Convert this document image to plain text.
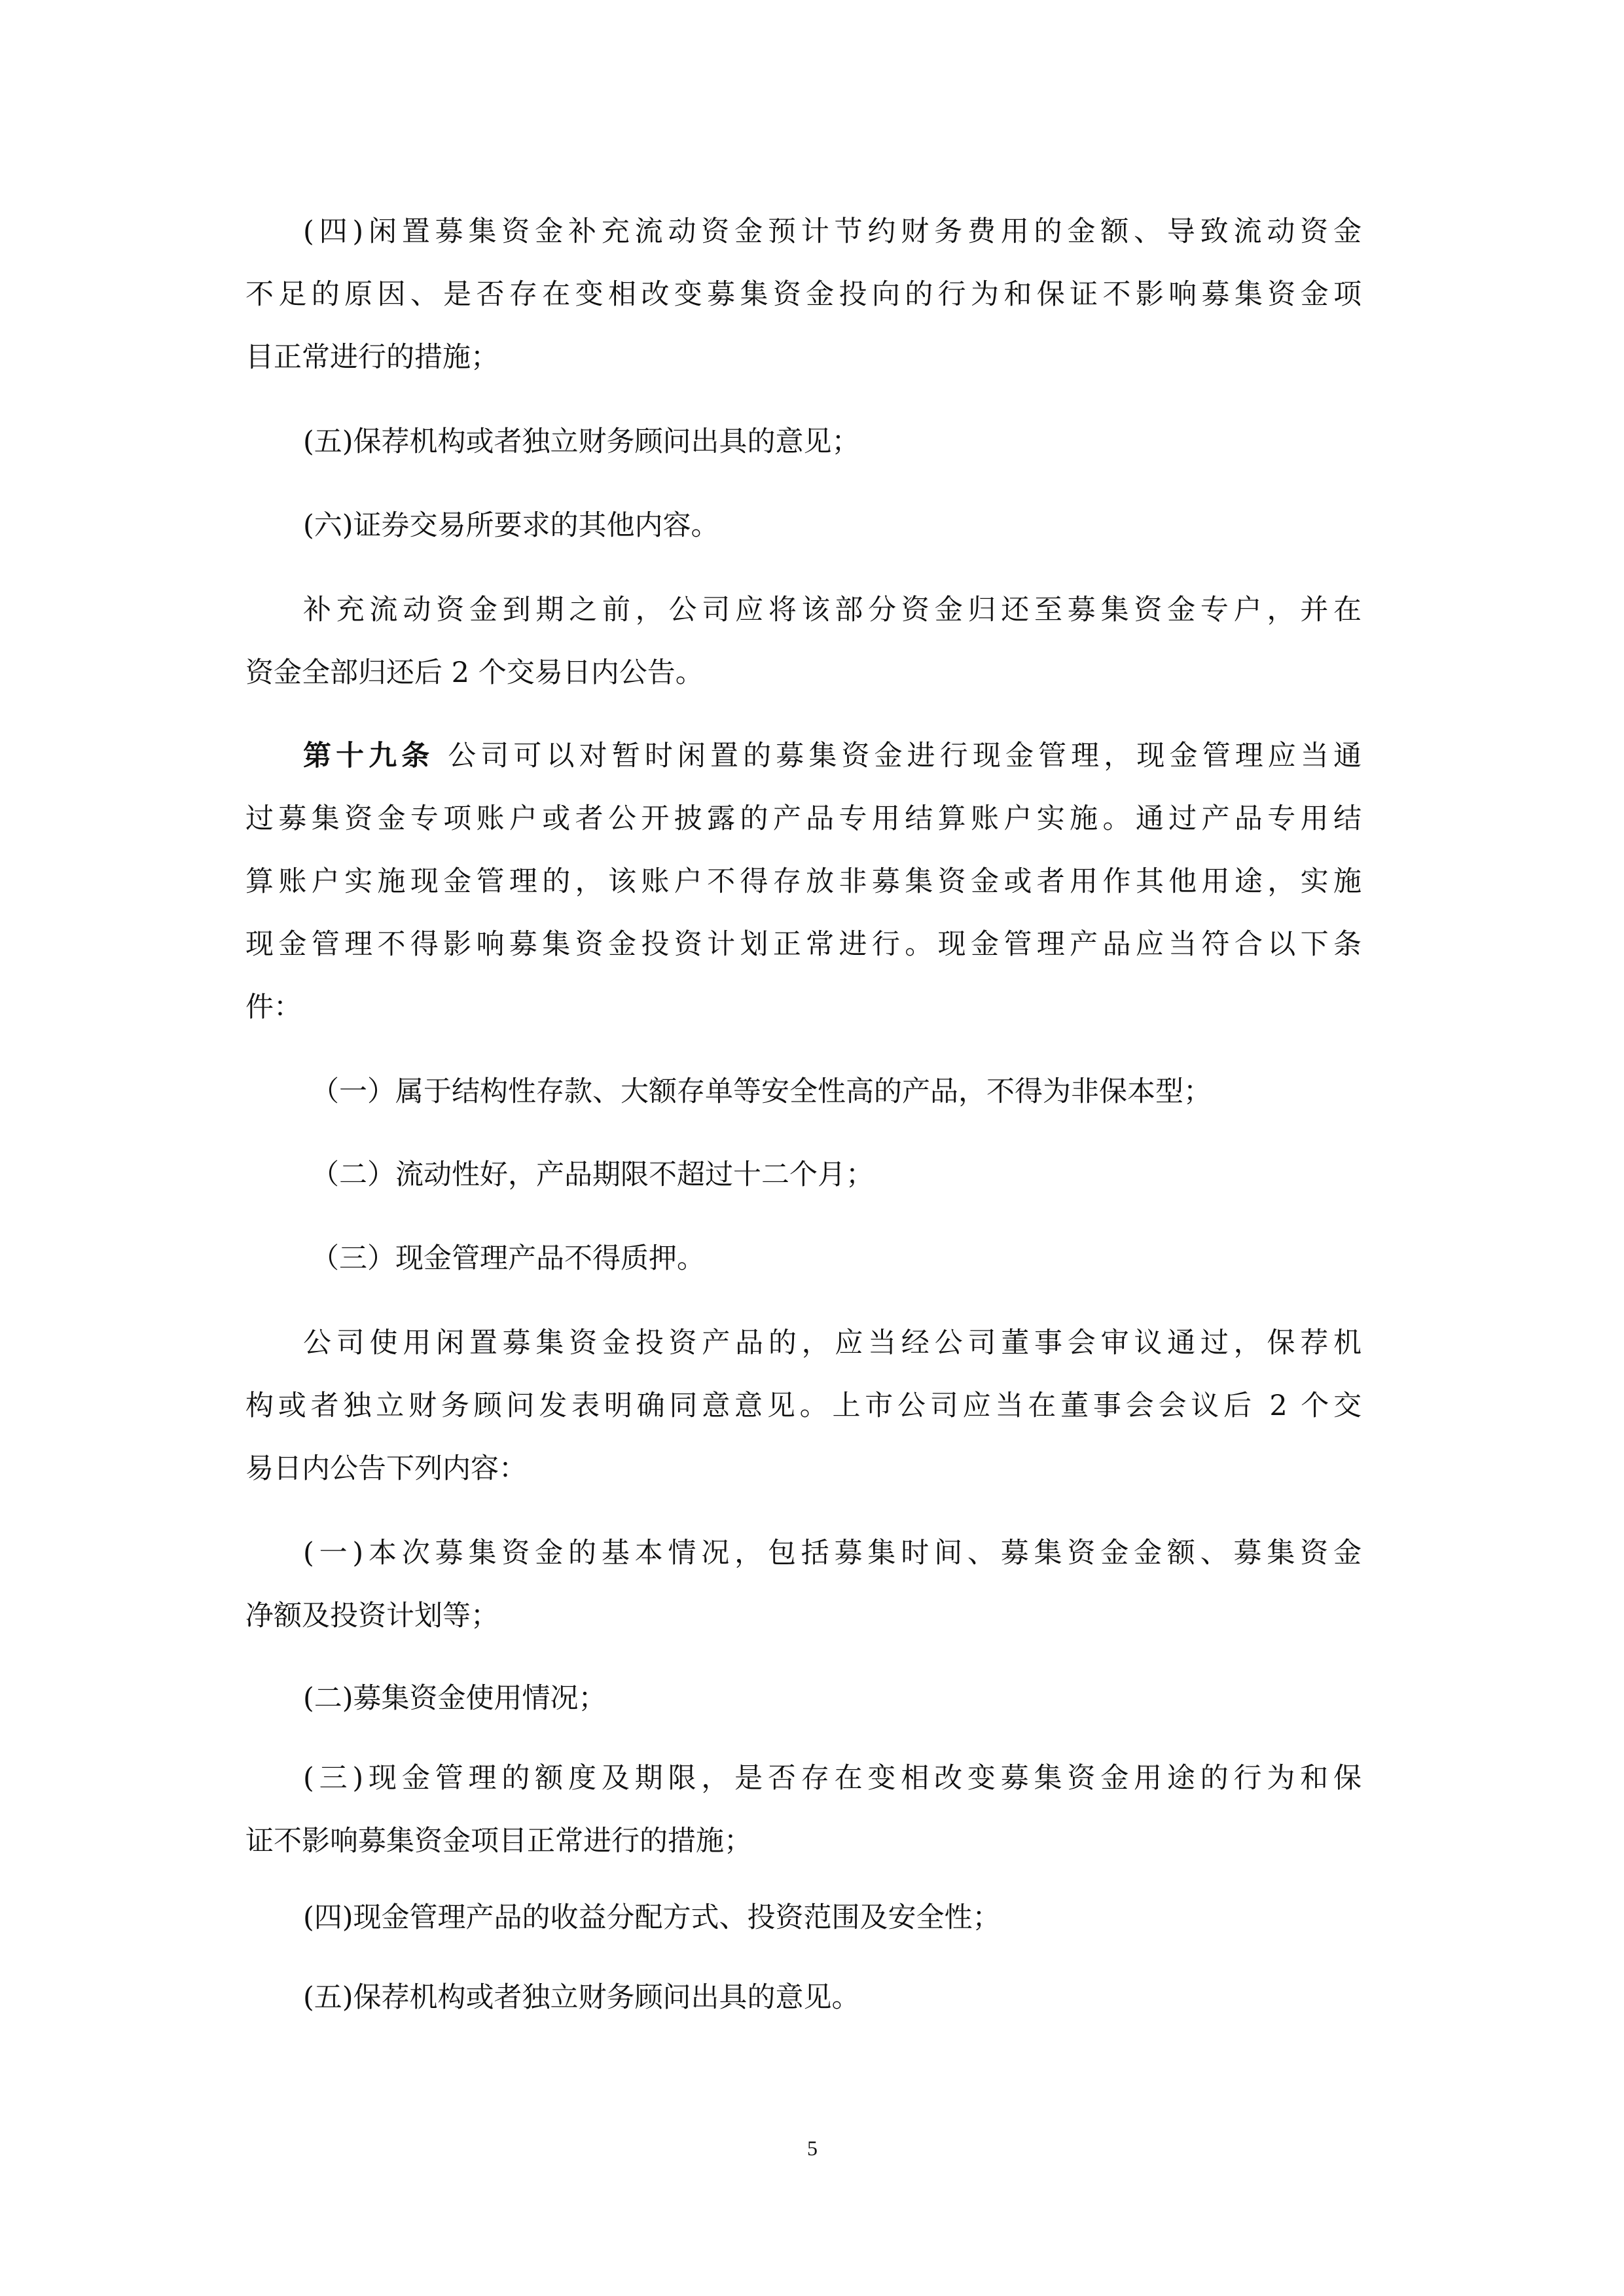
(四)闲置募集资金补充流动资金预计节约财务费用的金额、导致流动资金
不足的原因、是否存在变相改变募集资金投向的行为和保证不影响募集资金项
目正常进行的措施；
(五)保荐机构或者独立财务顾问出具的意见；
(六)证券交易所要求的其他内容。
补充流动资金到期之前，公司应将该部分资金归还至募集资金专户，并在
资金全部归还后 2 个交易日内公告。
第十九条 公司可以对暂时闲置的募集资金进行现金管理，现金管理应当通
过募集资金专项账户或者公开披露的产品专用结算账户实施。通过产品专用结
算账户实施现金管理的，该账户不得存放非募集资金或者用作其他用途，实施
现金管理不得影响募集资金投资计划正常进行。现金管理产品应当符合以下条
件：
（一）属于结构性存款、大额存单等安全性高的产品，不得为非保本型；
（二）流动性好，产品期限不超过十二个月；
（三）现金管理产品不得质押。
公司使用闲置募集资金投资产品的，应当经公司董事会审议通过，保荐机
构或者独立财务顾问发表明确同意意见。上市公司应当在董事会会议后 2 个交
易日内公告下列内容：
(一)本次募集资金的基本情况，包括募集时间、募集资金金额、募集资金
净额及投资计划等；
(二)募集资金使用情况；
(三)现金管理的额度及期限，是否存在变相改变募集资金用途的行为和保
证不影响募集资金项目正常进行的措施；
(四)现金管理产品的收益分配方式、投资范围及安全性；
(五)保荐机构或者独立财务顾问出具的意见。
5
